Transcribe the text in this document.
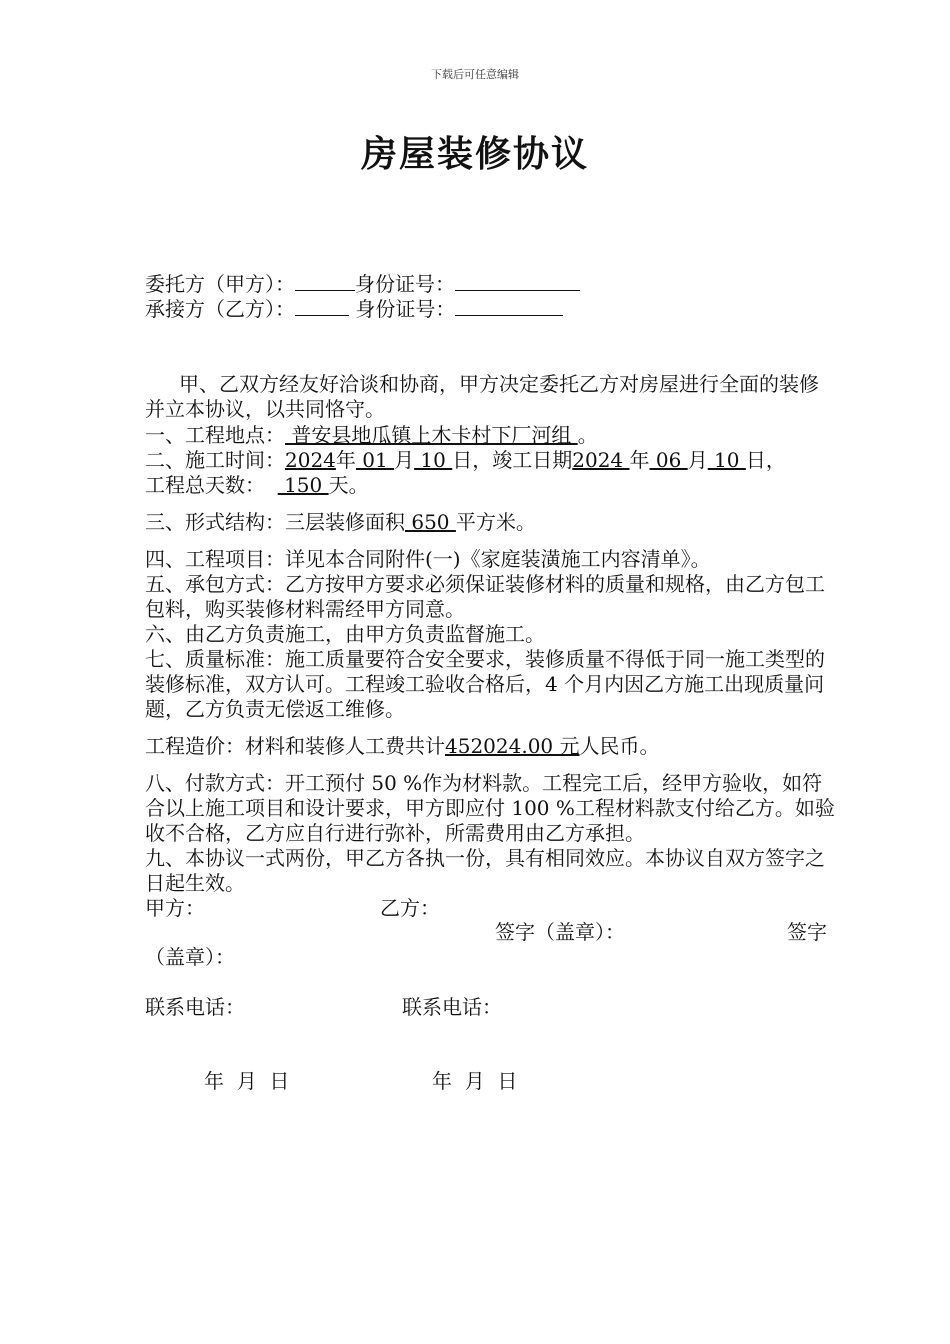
下载后可任意编辑
房屋装修协议
委托方（甲方）：	身份证号：
承接方（乙方）：	身份证号：
甲、乙双方经友好洽谈和协商，甲方决定委托乙方对房屋进行全面的装修并立本协议，以共同恪守。
一、工程地点： 普安县地瓜镇上木卡村下厂河组 。
二、施工时间：2024年 01 月 10 日，竣工日期2024 年 06 月 10 日，
工程总天数：   150 天。
三、形式结构：三层装修面积 650 平方米。
四、工程项目：详见本合同附件(一)《家庭装潢施工内容清单》。
五、承包方式：乙方按甲方要求必须保证装修材料的质量和规格，由乙方包工包料，购买装修材料需经甲方同意。
六、由乙方负责施工，由甲方负责监督施工。
七、质量标准：施工质量要符合安全要求，装修质量不得低于同一施工类型的装修标准，双方认可。工程竣工验收合格后，4 个月内因乙方施工出现质量问题，乙方负责无偿返工维修。
工程造价：材料和装修人工费共计452024.00 元人民币。
八、付款方式：开工预付 50 %作为材料款。工程完工后，经甲方验收，如符合以上施工项目和设计要求，甲方即应付 100 %工程材料款支付给乙方。如验收不合格，乙方应自行进行弥补，所需费用由乙方承担。
九、本协议一式两份，甲乙方各执一份，具有相同效应。本协议自双方签字之日起生效。
甲方：	乙方：
签字（盖章）：	签字
（盖章）：
联系电话：	联系电话：
年  月  日	年  月  日
